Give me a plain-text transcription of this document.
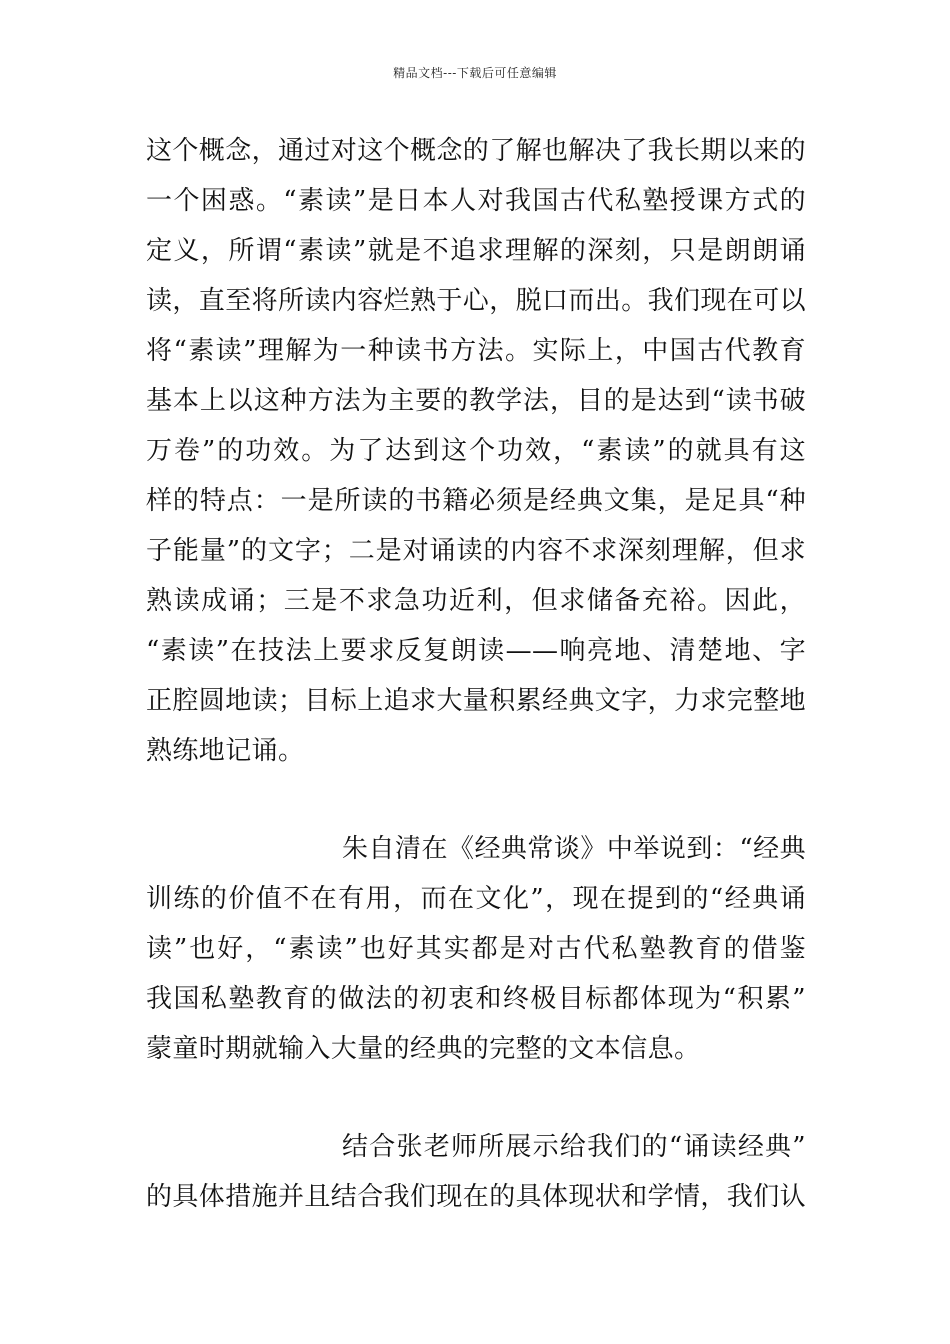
精品文档---下载后可任意编辑
这个概念，通过对这个概念的了解也解决了我长期以来的
一个困惑。“素读”是日本人对我国古代私塾授课方式的
定义，所谓“素读”就是不追求理解的深刻，只是朗朗诵
读，直至将所读内容烂熟于心，脱口而出。我们现在可以
将“素读”理解为一种读书方法。实际上，中国古代教育
基本上以这种方法为主要的教学法，目的是达到“读书破
万卷”的功效。为了达到这个功效，“素读”的就具有这
样的特点：一是所读的书籍必须是经典文集，是足具“种
子能量”的文字；二是对诵读的内容不求深刻理解，但求
熟读成诵；三是不求急功近利，但求储备充裕。因此，
“素读”在技法上要求反复朗读——响亮地、清楚地、字
正腔圆地读；目标上追求大量积累经典文字，力求完整地
熟练地记诵。
朱自清在《经典常谈》中举说到：“经典
训练的价值不在有用，而在文化”，现在提到的“经典诵
读”也好，“素读”也好其实都是对古代私塾教育的借鉴
我国私塾教育的做法的初衷和终极目标都体现为“积累”
蒙童时期就输入大量的经典的完整的文本信息。
结合张老师所展示给我们的“诵读经典”
的具体措施并且结合我们现在的具体现状和学情，我们认
